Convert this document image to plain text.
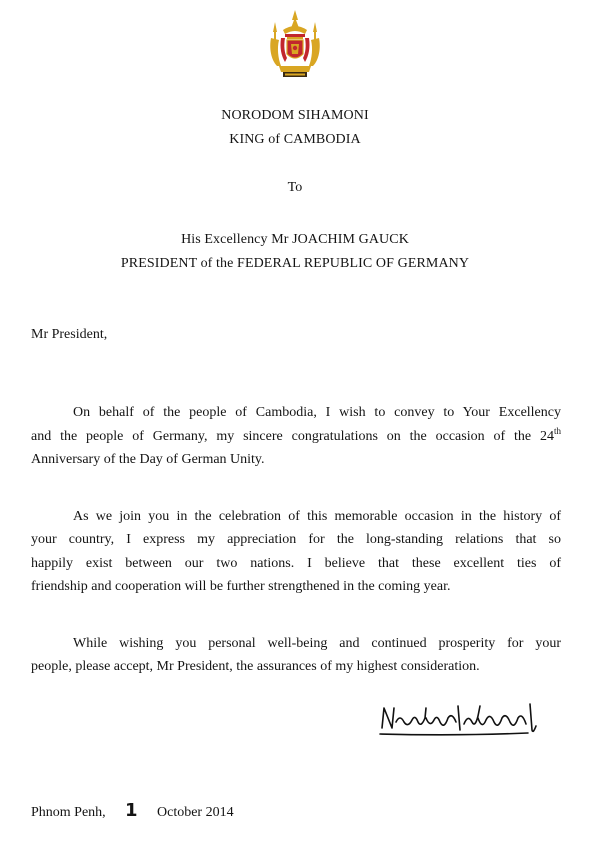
NORODOM SIHAMONI
KING of CAMBODIA
To
His Excellency Mr JOACHIM GAUCK
PRESIDENT of the FEDERAL REPUBLIC OF GERMANY
Mr President,
On behalf of the people of Cambodia, I wish to convey to Your Excellency
and the people of Germany, my sincere congratulations on the occasion of the 24th
Anniversary of the Day of German Unity.
As we join you in the celebration of this memorable occasion in the history of
your country, I express my appreciation for the long-standing relations that so
happily exist between our two nations. I believe that these excellent ties of
friendship and cooperation will be further strengthened in the coming year.
While wishing you personal well-being and continued prosperity for your
people, please accept, Mr President, the assurances of my highest consideration.
Phnom Penh, 1 October 2014
